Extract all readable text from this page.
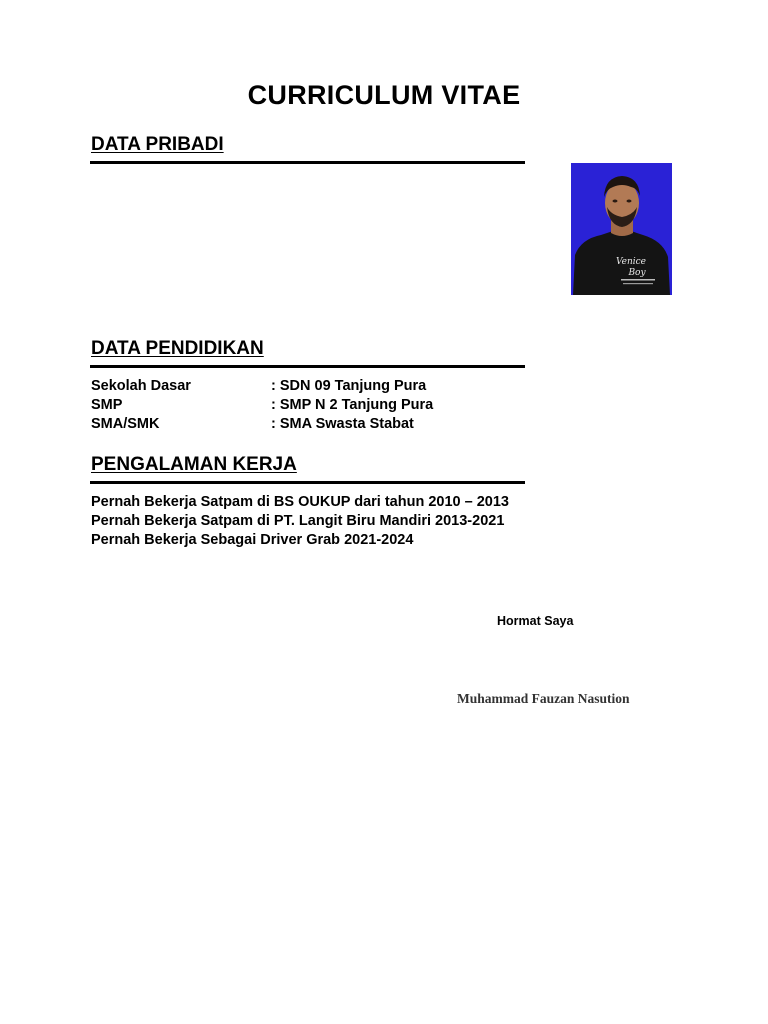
CURRICULUM VITAE
DATA PRIBADI
Venice
Boy
DATA PENDIDIKAN
Sekolah Dasar	: SDN 09 Tanjung Pura
SMP	: SMP N 2 Tanjung Pura
SMA/SMK	: SMA Swasta Stabat
PENGALAMAN KERJA
Pernah Bekerja Satpam di BS OUKUP dari tahun 2010 – 2013
Pernah Bekerja Satpam di PT. Langit Biru Mandiri 2013-2021
Pernah Bekerja Sebagai Driver Grab 2021-2024
Hormat Saya
Muhammad Fauzan Nasution
